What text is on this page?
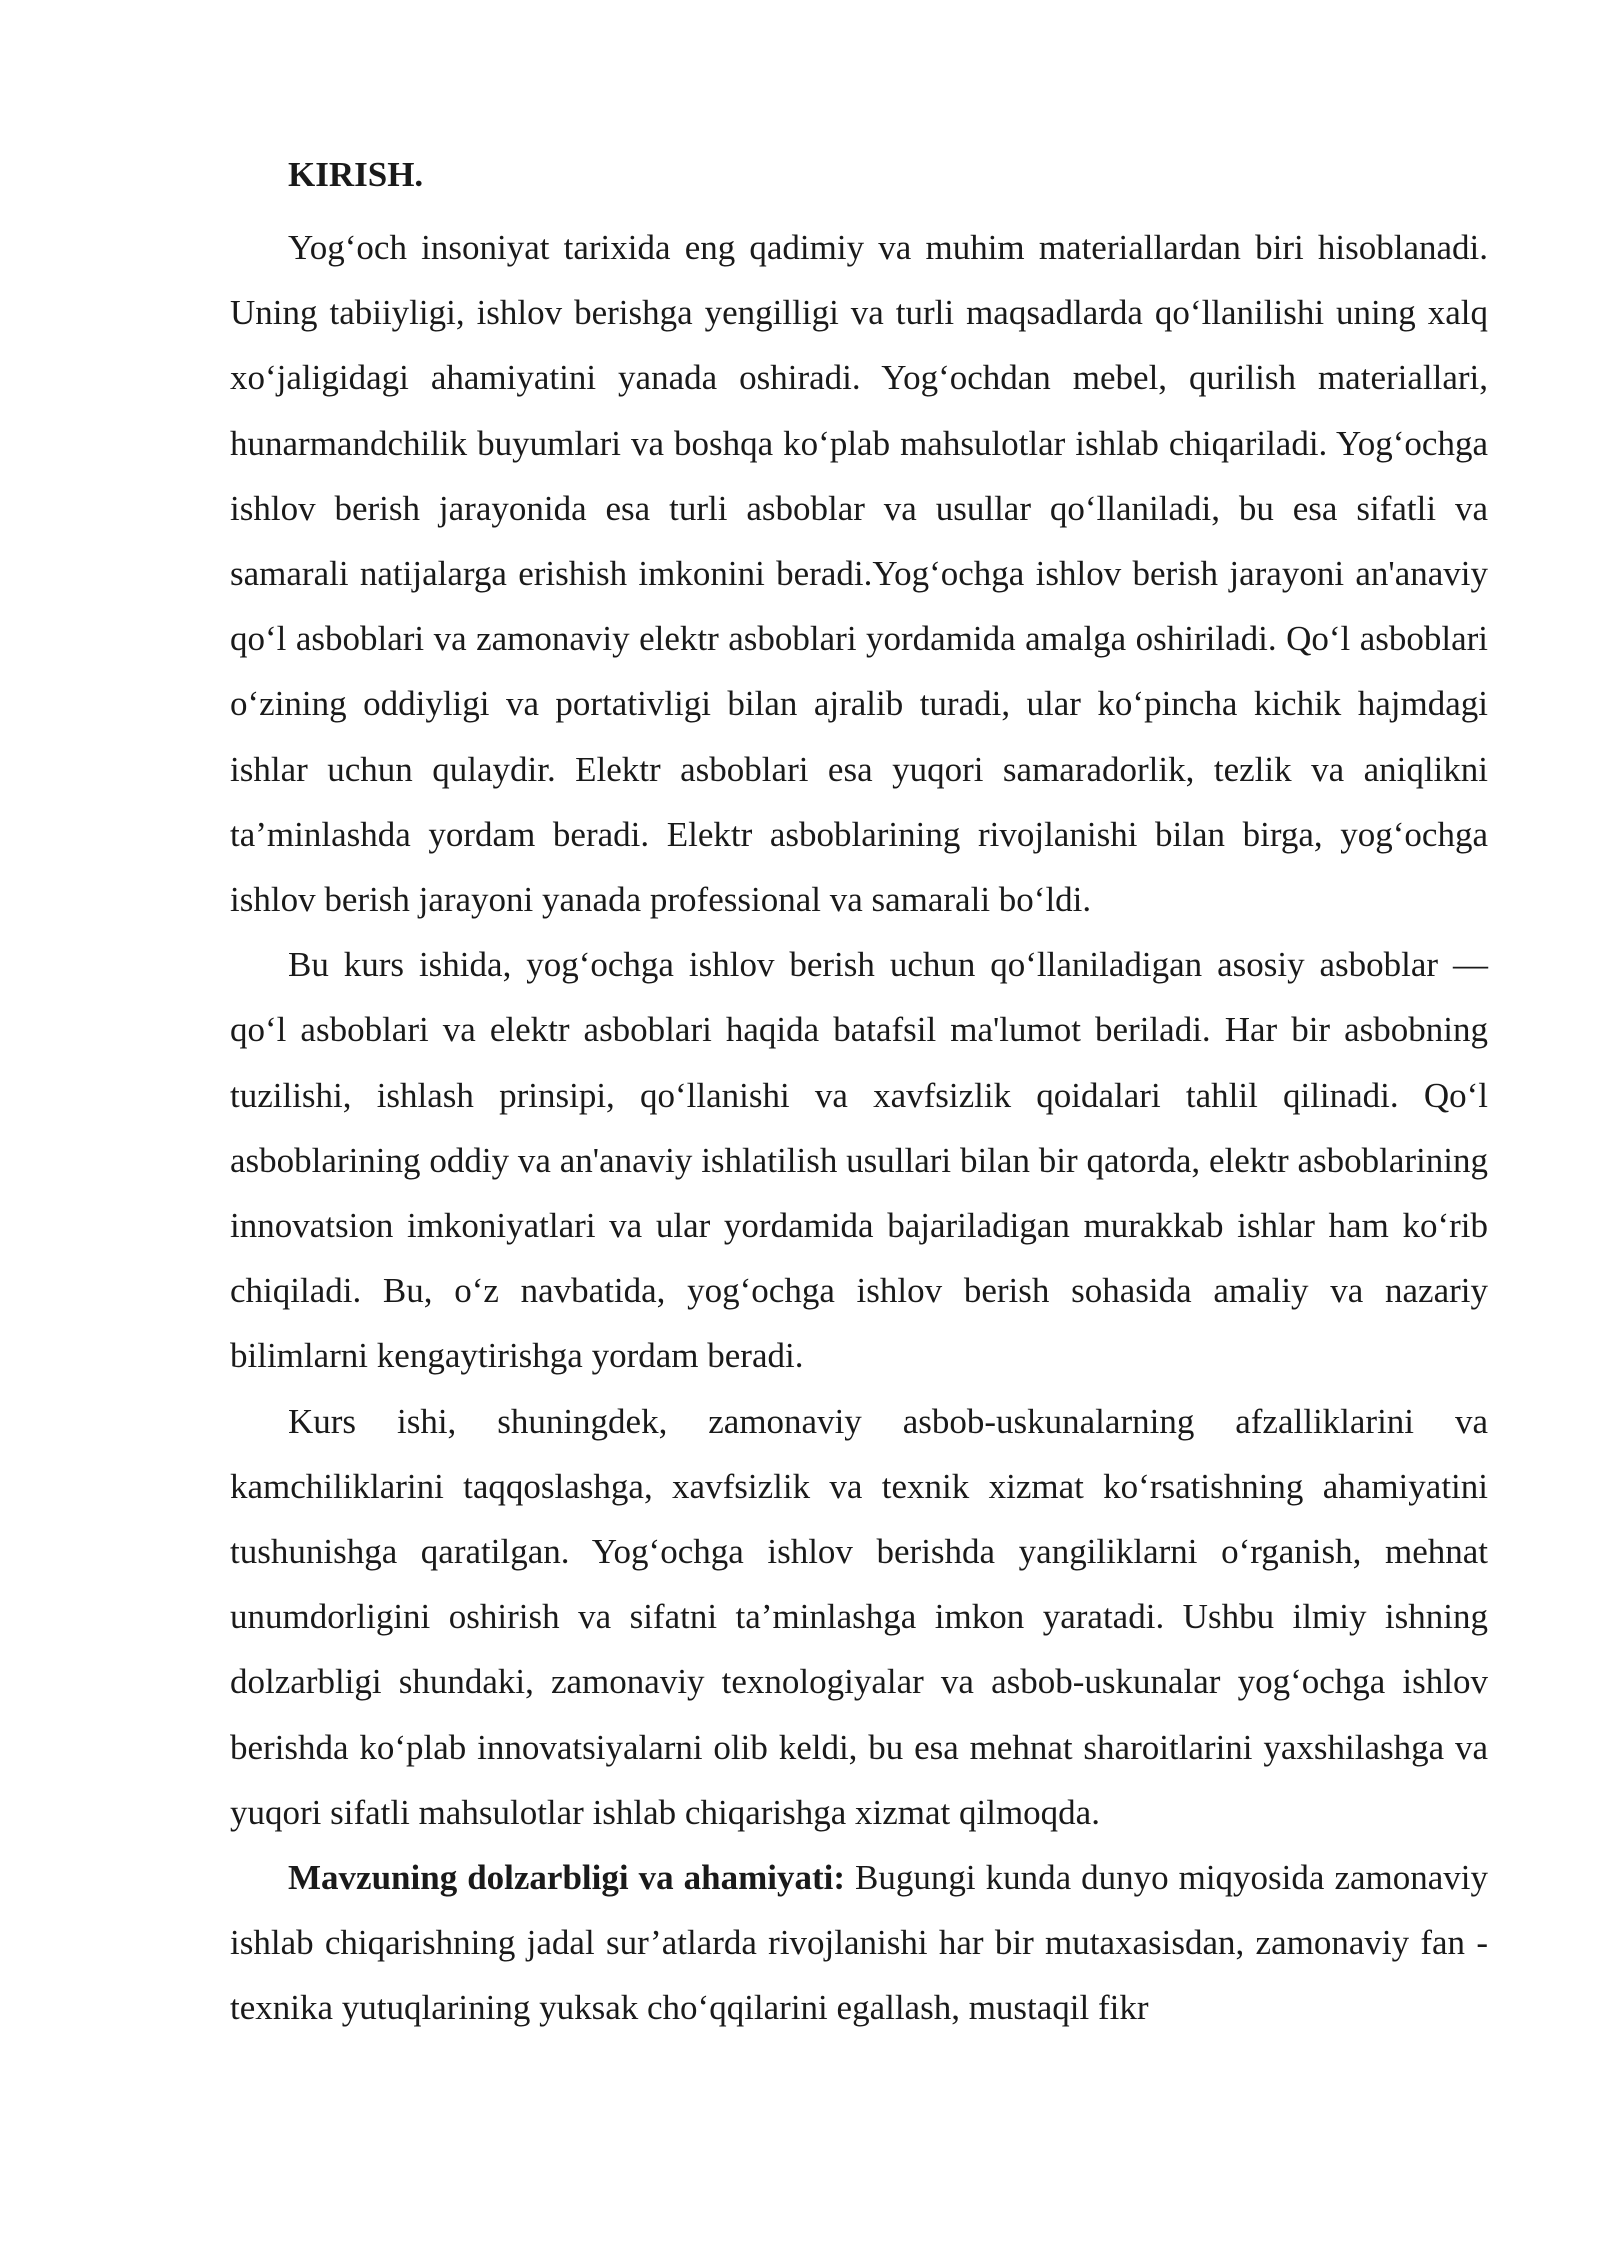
KIRISH.

Yog‘och insoniyat tarixida eng qadimiy va muhim materiallardan biri hisoblanadi. Uning tabiiyligi, ishlov berishga yengilligi va turli maqsadlarda qo‘llanilishi uning xalq xo‘jaligidagi ahamiyatini yanada oshiradi. Yog‘ochdan mebel, qurilish materiallari, hunarmandchilik buyumlari va boshqa ko‘plab mahsulotlar ishlab chiqariladi. Yog‘ochga ishlov berish jarayonida esa turli asboblar va usullar qo‘llaniladi, bu esa sifatli va samarali natijalarga erishish imkonini beradi.Yog‘ochga ishlov berish jarayoni an'anaviy qo‘l asboblari va zamonaviy elektr asboblari yordamida amalga oshiriladi. Qo‘l asboblari o‘zining oddiyligi va portativligi bilan ajralib turadi, ular ko‘pincha kichik hajmdagi ishlar uchun qulaydir. Elektr asboblari esa yuqori samaradorlik, tezlik va aniqlikni ta’minlashda yordam beradi. Elektr asboblarining rivojlanishi bilan birga, yog‘ochga ishlov berish jarayoni yanada professional va samarali bo‘ldi.

Bu kurs ishida, yog‘ochga ishlov berish uchun qo‘llaniladigan asosiy asboblar — qo‘l asboblari va elektr asboblari haqida batafsil ma'lumot beriladi. Har bir asbobning tuzilishi, ishlash prinsipi, qo‘llanishi va xavfsizlik qoidalari tahlil qilinadi. Qo‘l asboblarining oddiy va an'anaviy ishlatilish usullari bilan bir qatorda, elektr asboblarining innovatsion imkoniyatlari va ular yordamida bajariladigan murakkab ishlar ham ko‘rib chiqiladi. Bu, o‘z navbatida, yog‘ochga ishlov berish sohasida amaliy va nazariy bilimlarni kengaytirishga yordam beradi.

Kurs ishi, shuningdek, zamonaviy asbob-uskunalarning afzalliklarini va kamchiliklarini taqqoslashga, xavfsizlik va texnik xizmat ko‘rsatishning ahamiyatini tushunishga qaratilgan. Yog‘ochga ishlov berishda yangiliklarni o‘rganish, mehnat unumdorligini oshirish va sifatni ta’minlashga imkon yaratadi. Ushbu ilmiy ishning dolzarbligi shundaki, zamonaviy texnologiyalar va asbob-uskunalar yog‘ochga ishlov berishda ko‘plab innovatsiyalarni olib keldi, bu esa mehnat sharoitlarini yaxshilashga va yuqori sifatli mahsulotlar ishlab chiqarishga xizmat qilmoqda.

Mavzuning dolzarbligi va ahamiyati: Bugungi kunda dunyo miqyosida zamonaviy ishlab chiqarishning jadal sur’atlarda rivojlanishi har bir mutaxasisdan, zamonaviy fan - texnika yutuqlarining yuksak cho‘qqilarini egallash, mustaqil fikr
